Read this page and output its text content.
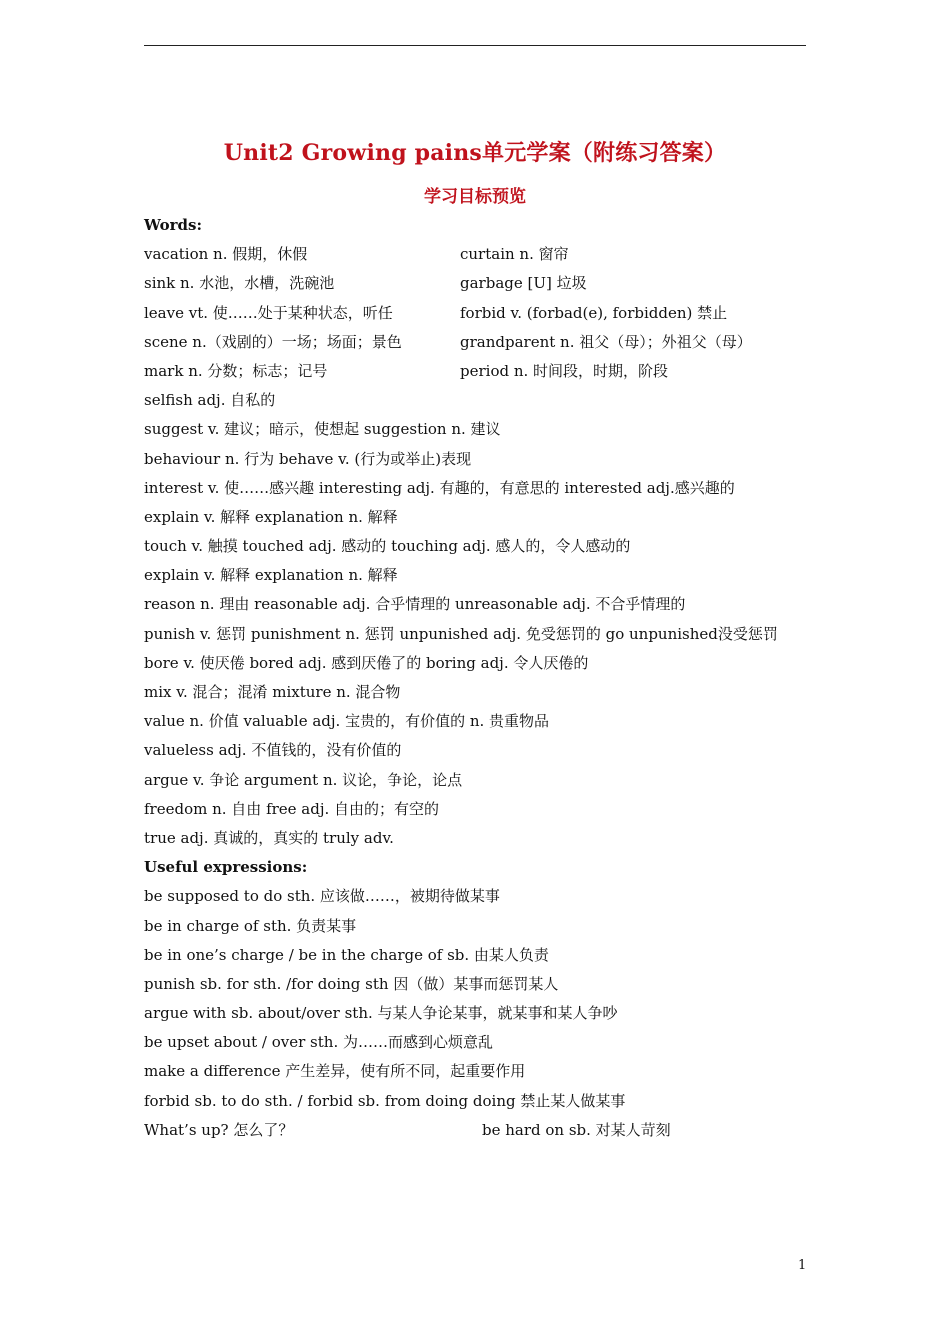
Unit2 Growing pains单元学案（附练习答案）
学习目标预览
Words:
vacation n. 假期，休假	curtain n. 窗帘
sink n. 水池，水槽，洗碗池	garbage [U] 垃圾
leave vt. 使……处于某种状态，听任	forbid v. (forbad(e), forbidden) 禁止
scene n.（戏剧的）一场；场面；景色	grandparent n. 祖父（母）；外祖父（母）
mark n. 分数；标志；记号	period n. 时间段，时期，阶段
selfish adj. 自私的
suggest v. 建议；暗示，使想起 suggestion n. 建议
behaviour n. 行为 behave v. (行为或举止)表现
interest v. 使……感兴趣 interesting adj. 有趣的，有意思的 interested adj.感兴趣的
explain v. 解释 explanation n. 解释
touch v. 触摸 touched adj. 感动的 touching adj. 感人的，令人感动的
explain v. 解释 explanation n. 解释
reason n. 理由 reasonable adj. 合乎情理的 unreasonable adj. 不合乎情理的
punish v. 惩罚 punishment n. 惩罚 unpunished adj. 免受惩罚的 go unpunished没受惩罚
bore v. 使厌倦 bored adj. 感到厌倦了的 boring adj. 令人厌倦的
mix v. 混合；混淆 mixture n. 混合物
value n. 价值 valuable adj. 宝贵的，有价值的 n. 贵重物品
valueless adj. 不值钱的，没有价值的
argue v. 争论 argument n. 议论，争论，论点
freedom n. 自由 free adj. 自由的；有空的
true adj. 真诚的，真实的 truly adv.
Useful expressions:
be supposed to do sth. 应该做……，被期待做某事
be in charge of sth. 负责某事
be in one’s charge / be in the charge of sb. 由某人负责
punish sb. for sth. /for doing sth 因（做）某事而惩罚某人
argue with sb. about/over sth. 与某人争论某事，就某事和某人争吵
be upset about / over sth. 为……而感到心烦意乱
make a difference 产生差异，使有所不同，起重要作用
forbid sb. to do sth. / forbid sb. from doing doing 禁止某人做某事
What’s up? 怎么了？	be hard on sb. 对某人苛刻
1
